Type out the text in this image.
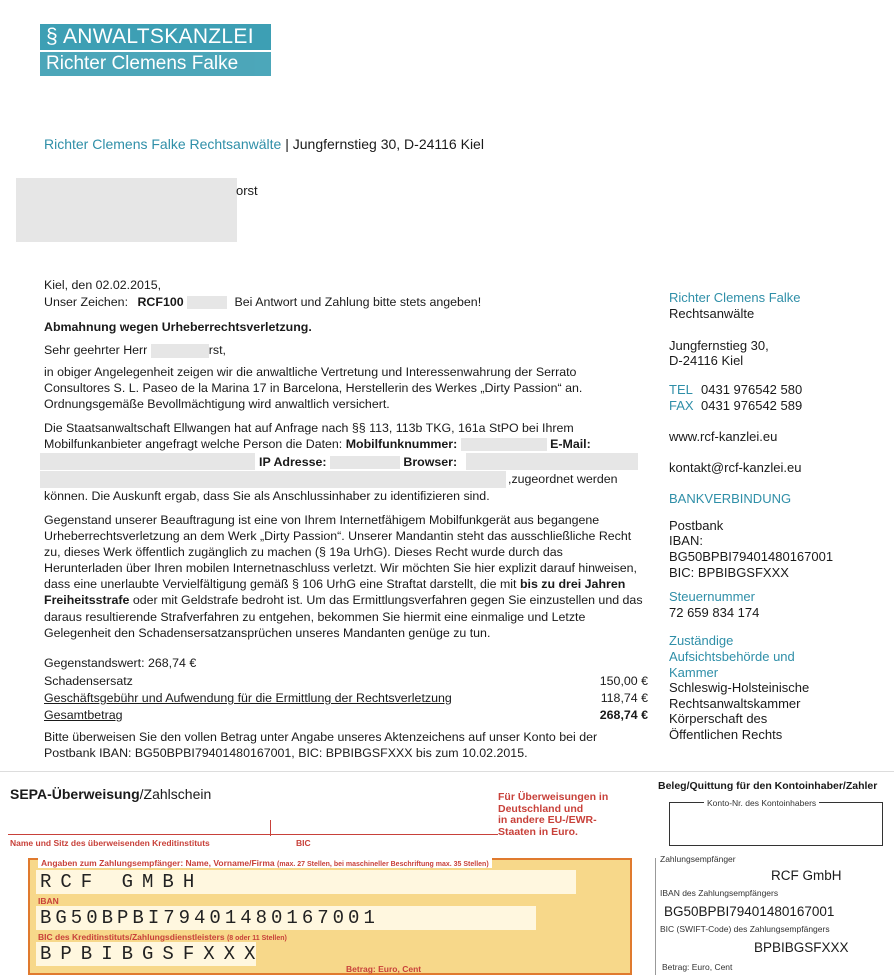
§ ANWALTSKANZLEI
Richter Clemens Falke
Richter Clemens Falke Rechtsanwälte | Jungfernstieg 30, D-24116 Kiel
orst
Kiel, den 02.02.2015,
Unser Zeichen: RCF100	Bei Antwort und Zahlung bitte stets angeben!
Abmahnung wegen Urheberrechtsverletzung.
Sehr geehrter Herr	rst,
in obiger Angelegenheit zeigen wir die anwaltliche Vertretung und Interessenwahrung der Serrato Consultores S. L. Paseo de la Marina 17 in Barcelona, Herstellerin des Werkes „Dirty Passion“ an. Ordnungsgemäße Bevollmächtigung wird anwaltlich versichert.
Die Staatsanwaltschaft Ellwangen hat auf Anfrage nach §§ 113, 113b TKG, 161a StPO bei Ihrem
Mobilfunkanbieter angefragt welche Person die Daten: Mobilfunknummer:	E-Mail:
IP Adresse:	Browser:
,zugeordnet werden
können. Die Auskunft ergab, dass Sie als Anschlussinhaber zu identifizieren sind.
Gegenstand unserer Beauftragung ist eine von Ihrem Internetfähigem Mobilfunkgerät aus begangene Urheberrechtsverletzung an dem Werk „Dirty Passion“. Unserer Mandantin steht das ausschließliche Recht zu, dieses Werk öffentlich zugänglich zu machen (§ 19a UrhG). Dieses Recht wurde durch das Herunterladen über Ihren mobilen Internetnaschluss verletzt. Wir möchten Sie hier explizit darauf hinweisen, dass eine unerlaubte Vervielfältigung gemäß § 106 UrhG eine Straftat darstellt, die mit bis zu drei Jahren Freiheitsstrafe oder mit Geldstrafe bedroht ist. Um das Ermittlungsverfahren gegen Sie einzustellen und das daraus resultierende Strafverfahren zu entgehen, bekommen Sie hiermit eine einmalige und Letzte Gelegenheit den Schadensersatzansprüchen unseres Mandanten genüge zu tun.
Gegenstandswert: 268,74 €
Schadensersatz	150,00 €
Geschäftsgebühr und Aufwendung für die Ermittlung der Rechtsverletzung	118,74 €
Gesamtbetrag	268,74 €
Bitte überweisen Sie den vollen Betrag unter Angabe unseres Aktenzeichens auf unser Konto bei der Postbank IBAN: BG50BPBI79401480167001, BIC: BPBIBGSFXXX bis zum 10.02.2015.
Richter Clemens Falke
Rechtsanwälte
Jungfernstieg 30,
D-24116 Kiel
TEL 0431 976542 580
FAX 0431 976542 589
www.rcf-kanzlei.eu
kontakt@rcf-kanzlei.eu
BANKVERBINDUNG
Postbank
IBAN:
BG50BPBI79401480167001
BIC: BPBIBGSFXXX
Steuernummer
72 659 834 174
Zuständige
Aufsichtsbehörde und
Kammer
Schleswig-Holsteinische
Rechtsanwaltskammer
Körperschaft des
Öffentlichen Rechts
SEPA-Überweisung/Zahlschein	Für Überweisungen in
Deutschland und
in andere EU-/EWR-
Staaten in Euro.
Name und Sitz des überweisenden Kreditinstituts	BIC
Angaben zum Zahlungsempfänger: Name, Vorname/Firma (max. 27 Stellen, bei maschineller Beschriftung max. 35 Stellen)
RCF GMBH
IBAN
BG50BPBI79401480167001
BIC des Kreditinstituts/Zahlungsdienstleisters (8 oder 11 Stellen)
BPBIBGSFXXX
Betrag: Euro, Cent
Beleg/Quittung für den Kontoinhaber/Zahler
Konto-Nr. des Kontoinhabers
Zahlungsempfänger
RCF GmbH
IBAN des Zahlungsempfängers
BG50BPBI79401480167001
BIC (SWIFT-Code) des Zahlungsempfängers
BPBIBGSFXXX
Betrag: Euro, Cent
